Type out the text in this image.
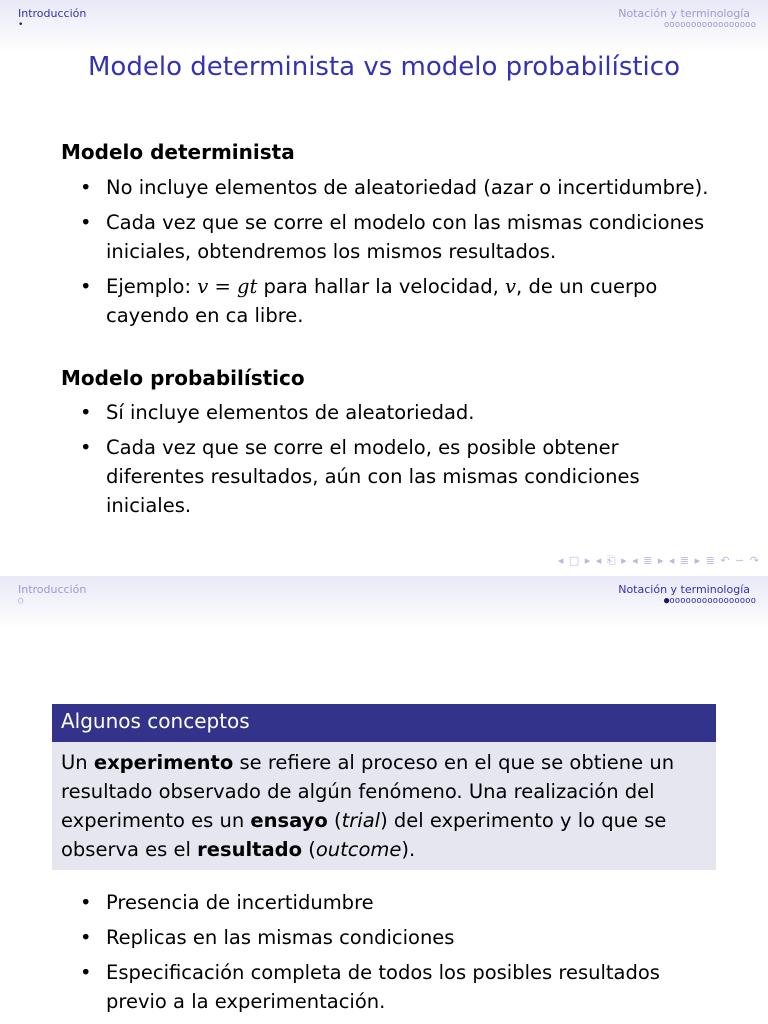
Introducción
•
Notación y terminología
ooooooooooooooooo
Modelo determinista vs modelo probabilístico
Modelo determinista
• No incluye elementos de aleatoriedad (azar o incertidumbre).
• Cada vez que se corre el modelo con las mismas condiciones iniciales, obtendremos los mismos resultados.
• Ejemplo: v = gt para hallar la velocidad, v, de un cuerpo cayendo en ca libre.
Modelo probabilístico
• Sí incluye elementos de aleatoriedad.
• Cada vez que se corre el modelo, es posible obtener diferentes resultados, aún con las mismas condiciones iniciales.
◂ □ ▸ ◂ ⎗ ▸ ◂ ≣ ▸ ◂ ≣ ▸ ≣ ↶ ∽ ↷
Introducción
○
Notación y terminología
●oooooooooooooooo
Algunos conceptos

Un experimento se refiere al proceso en el que se obtiene un resultado observado de algún fenómeno. Una realización del experimento es un ensayo (trial) del experimento y lo que se observa es el resultado (outcome).

• Presencia de incertidumbre
• Replicas en las mismas condiciones
• Especificación completa de todos los posibles resultados previo a la experimentación.
